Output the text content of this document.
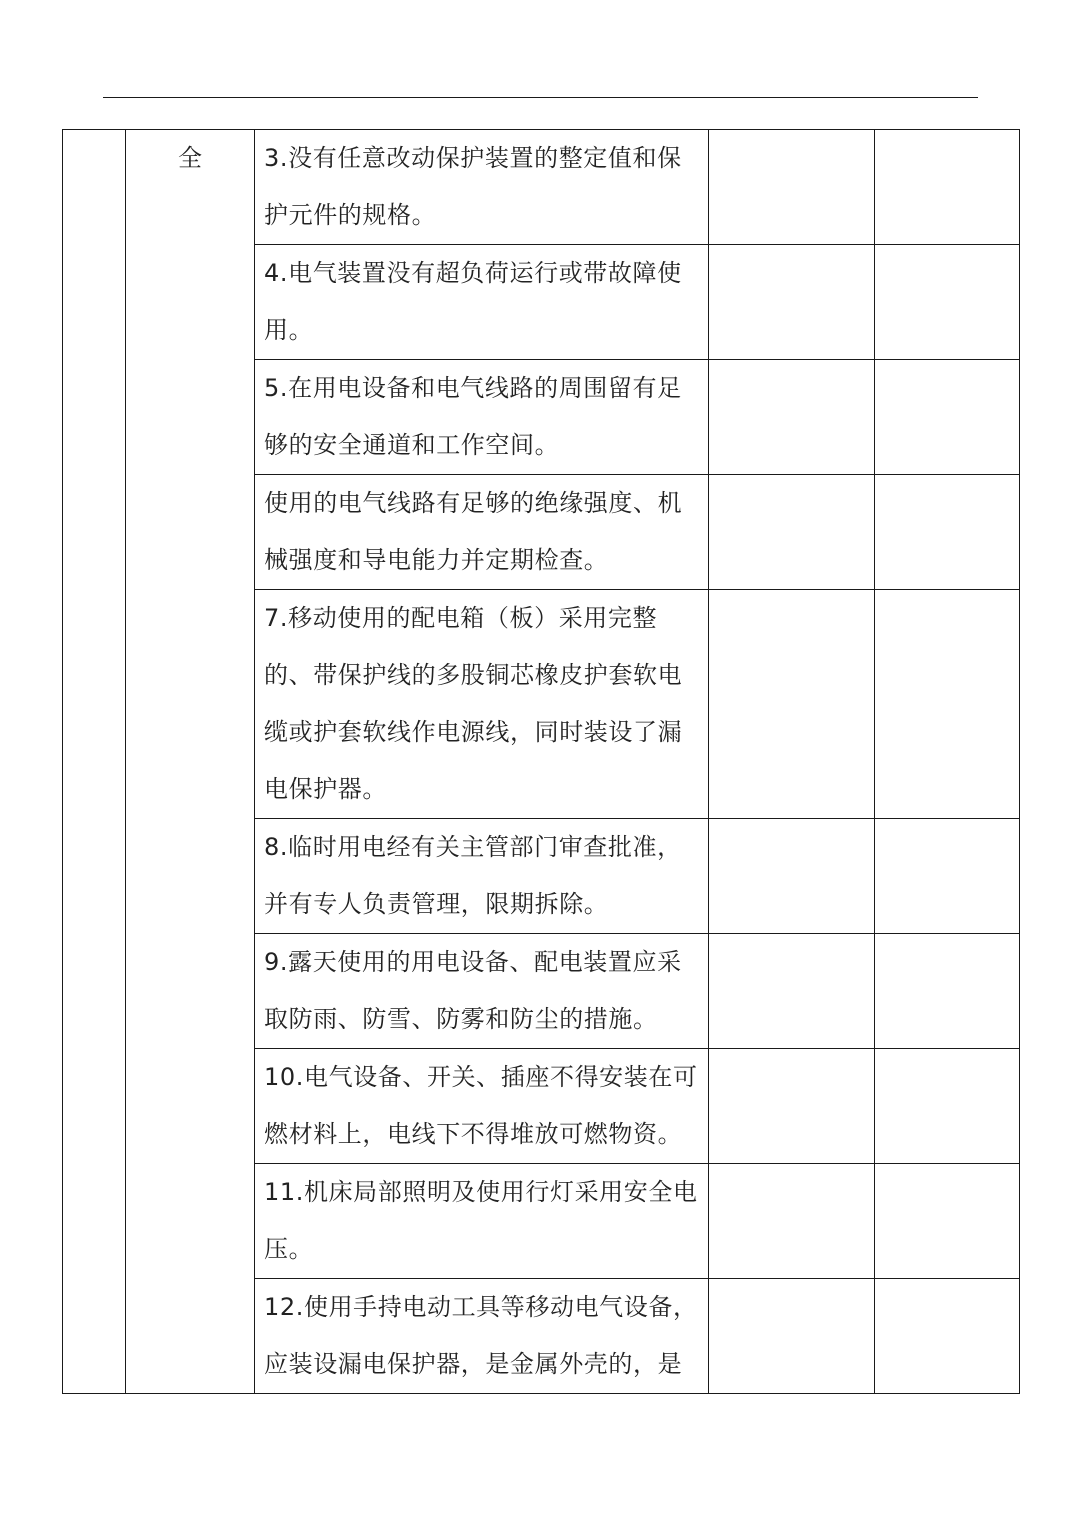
	全	3.没有任意改动保护装置的整定值和保护元件的规格。		
		4.电气装置没有超负荷运行或带故障使用。		
		5.在用电设备和电气线路的周围留有足够的安全通道和工作空间。		
		使用的电气线路有足够的绝缘强度、机械强度和导电能力并定期检查。		
		7.移动使用的配电箱（板）采用完整的、带保护线的多股铜芯橡皮护套软电缆或护套软线作电源线，同时装设了漏电保护器。		
		8.临时用电经有关主管部门审查批准，并有专人负责管理，限期拆除。		
		9.露天使用的用电设备、配电装置应采取防雨、防雪、防雾和防尘的措施。		
		10.电气设备、开关、插座不得安装在可燃材料上，电线下不得堆放可燃物资。		
		11.机床局部照明及使用行灯采用安全电压。		
		12.使用手持电动工具等移动电气设备，应装设漏电保护器，是金属外壳的，是		
